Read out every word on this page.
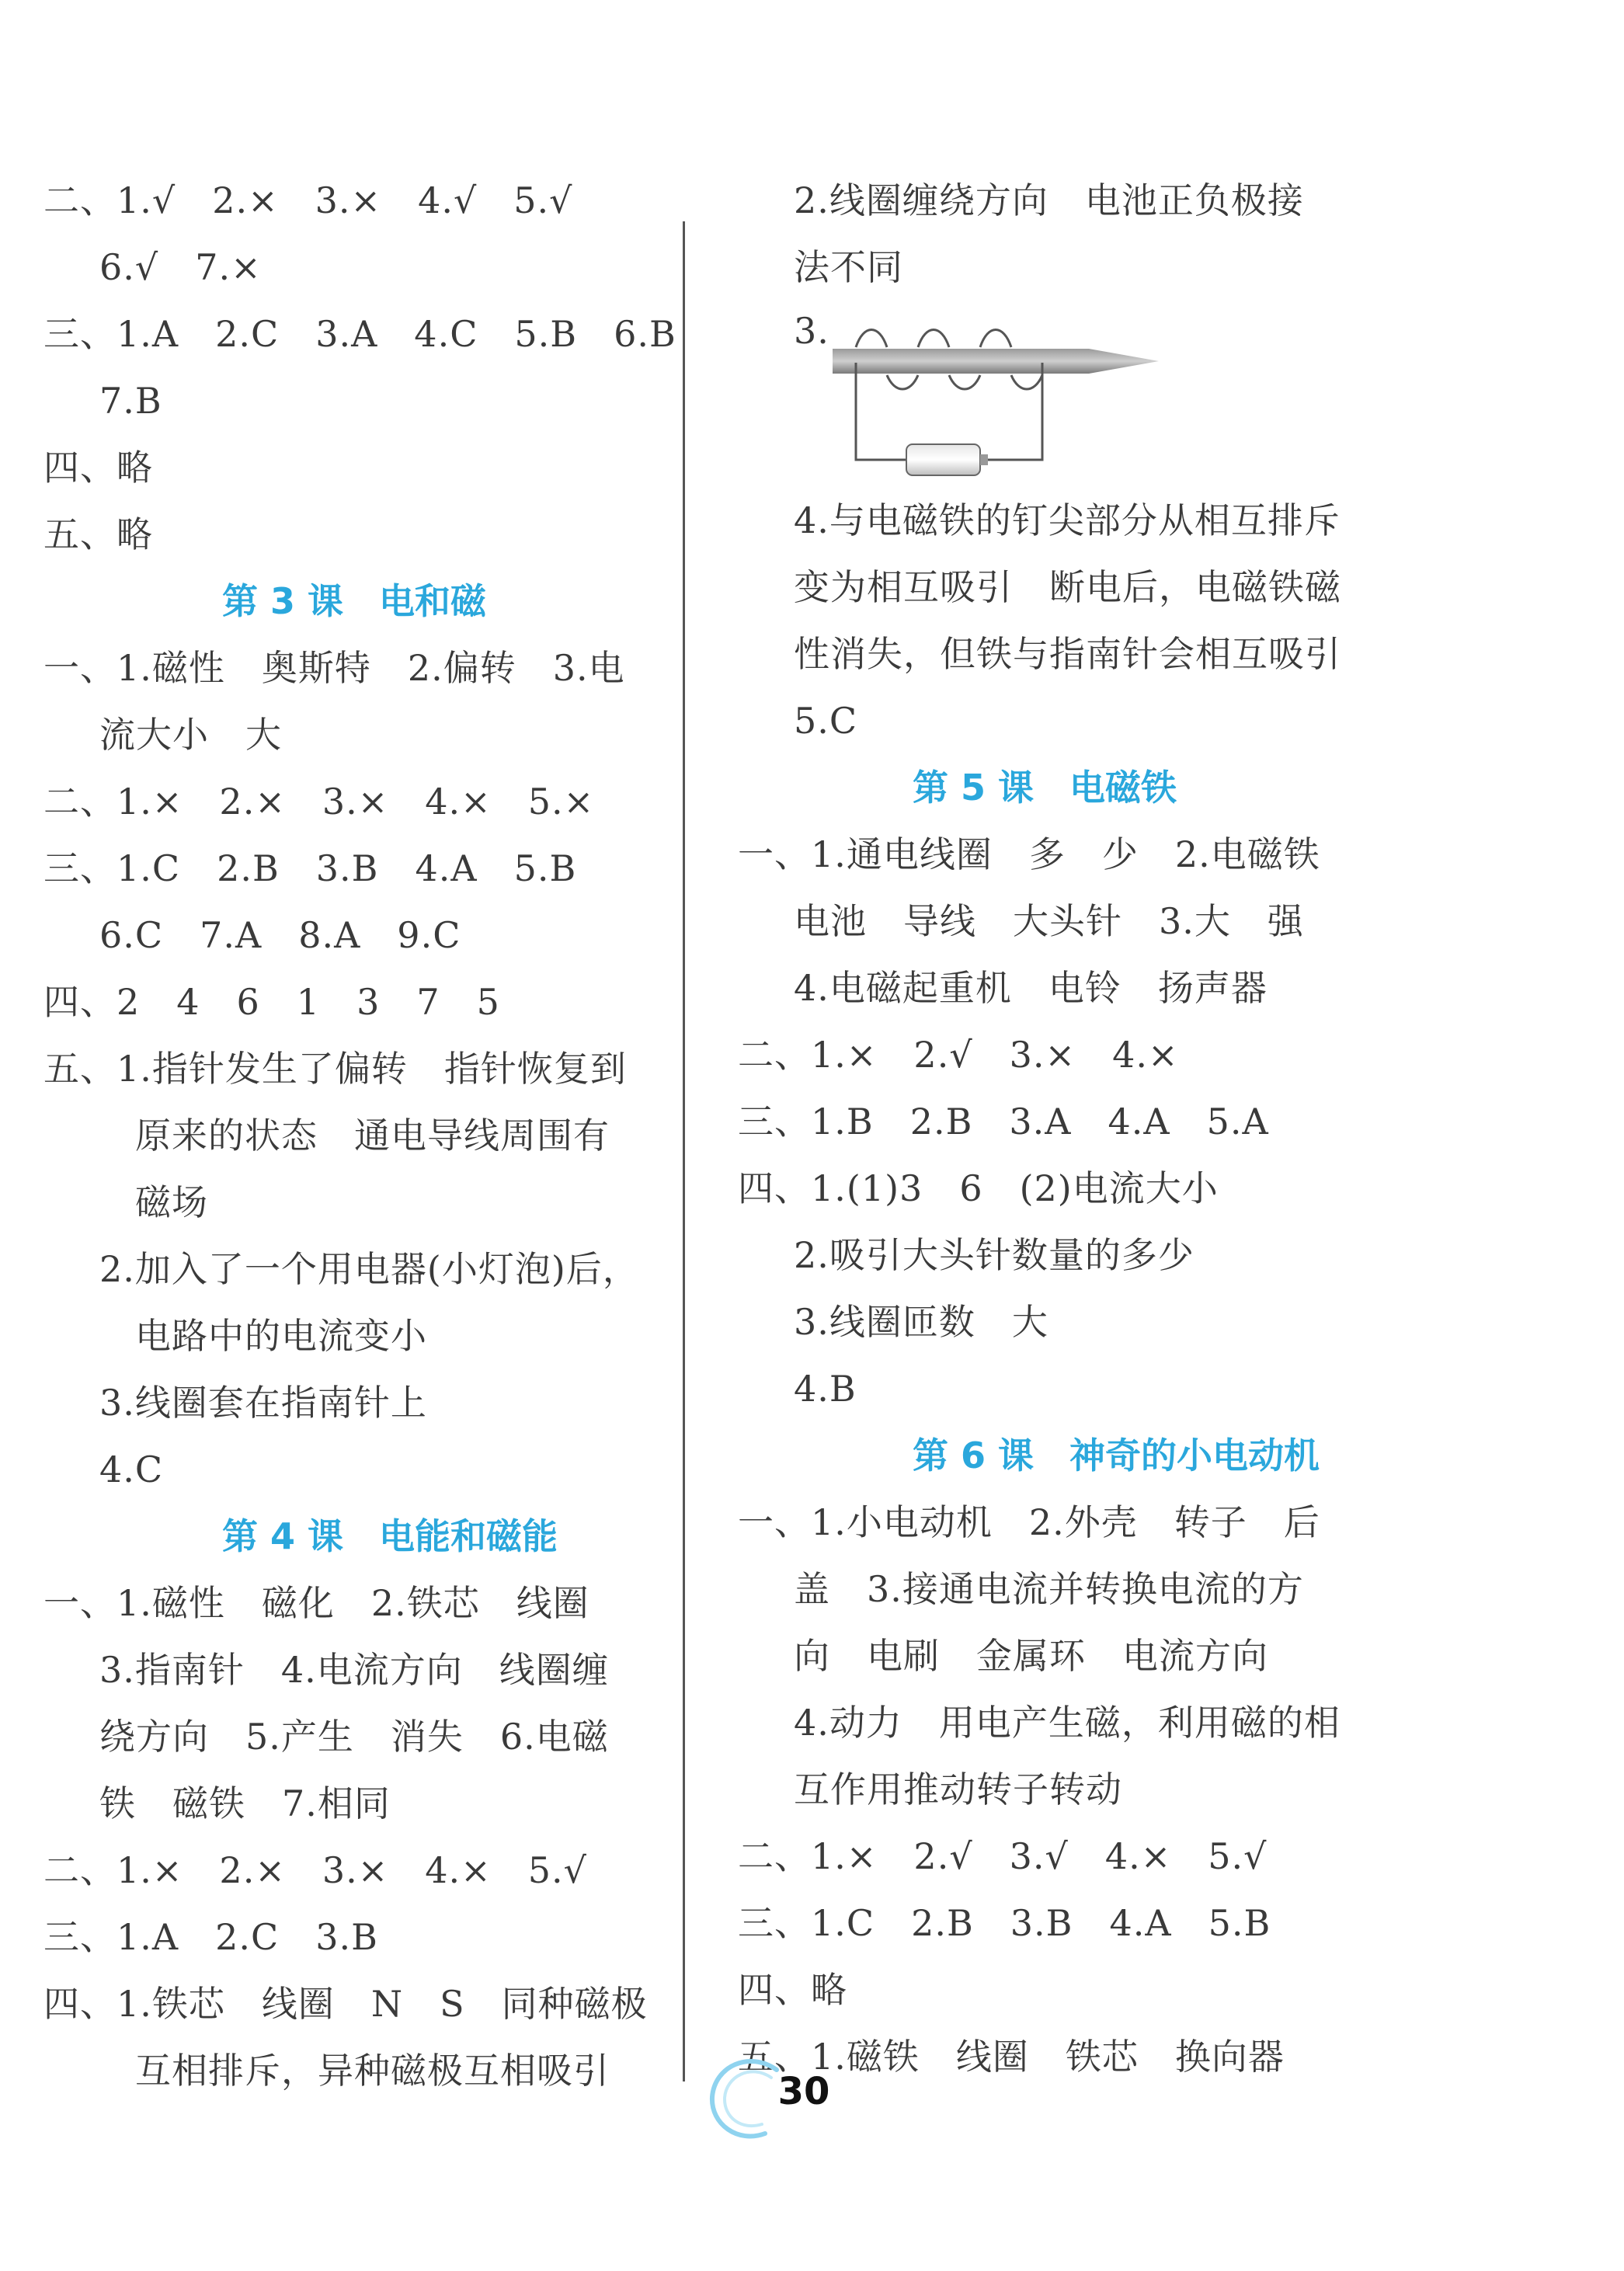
二、1.√　2.×　3.×　4.√　5.√
6.√　7.×
三、1.A　2.C　3.A　4.C　5.B　6.B
7.B
四、略
五、略
第 3 课　电和磁
一、1.磁性　奥斯特　2.偏转　3.电
流大小　大
二、1.×　2.×　3.×　4.×　5.×
三、1.C　2.B　3.B　4.A　5.B
6.C　7.A　8.A　9.C
四、2　4　6　1　3　7　5
五、1.指针发生了偏转　指针恢复到
原来的状态　通电导线周围有
磁场
2.加入了一个用电器(小灯泡)后，
电路中的电流变小
3.线圈套在指南针上
4.C
第 4 课　电能和磁能
一、1.磁性　磁化　2.铁芯　线圈
3.指南针　4.电流方向　线圈缠
绕方向　5.产生　消失　6.电磁
铁　磁铁　7.相同
二、1.×　2.×　3.×　4.×　5.√
三、1.A　2.C　3.B
四、1.铁芯　线圈　N　S　同种磁极
互相排斥，异种磁极互相吸引
2.线圈缠绕方向　电池正负极接
法不同
3.
4.与电磁铁的钉尖部分从相互排斥
变为相互吸引　断电后，电磁铁磁
性消失，但铁与指南针会相互吸引
5.C
第 5 课　电磁铁
一、1.通电线圈　多　少　2.电磁铁
电池　导线　大头针　3.大　强
4.电磁起重机　电铃　扬声器
二、1.×　2.√　3.×　4.×
三、1.B　2.B　3.A　4.A　5.A
四、1.(1)3　6　(2)电流大小
2.吸引大头针数量的多少
3.线圈匝数　大
4.B
第 6 课　神奇的小电动机
一、1.小电动机　2.外壳　转子　后
盖　3.接通电流并转换电流的方
向　电刷　金属环　电流方向
4.动力　用电产生磁，利用磁的相
互作用推动转子转动
二、1.×　2.√　3.√　4.×　5.√
三、1.C　2.B　3.B　4.A　5.B
四、略
五、1.磁铁　线圈　铁芯　换向器
30
